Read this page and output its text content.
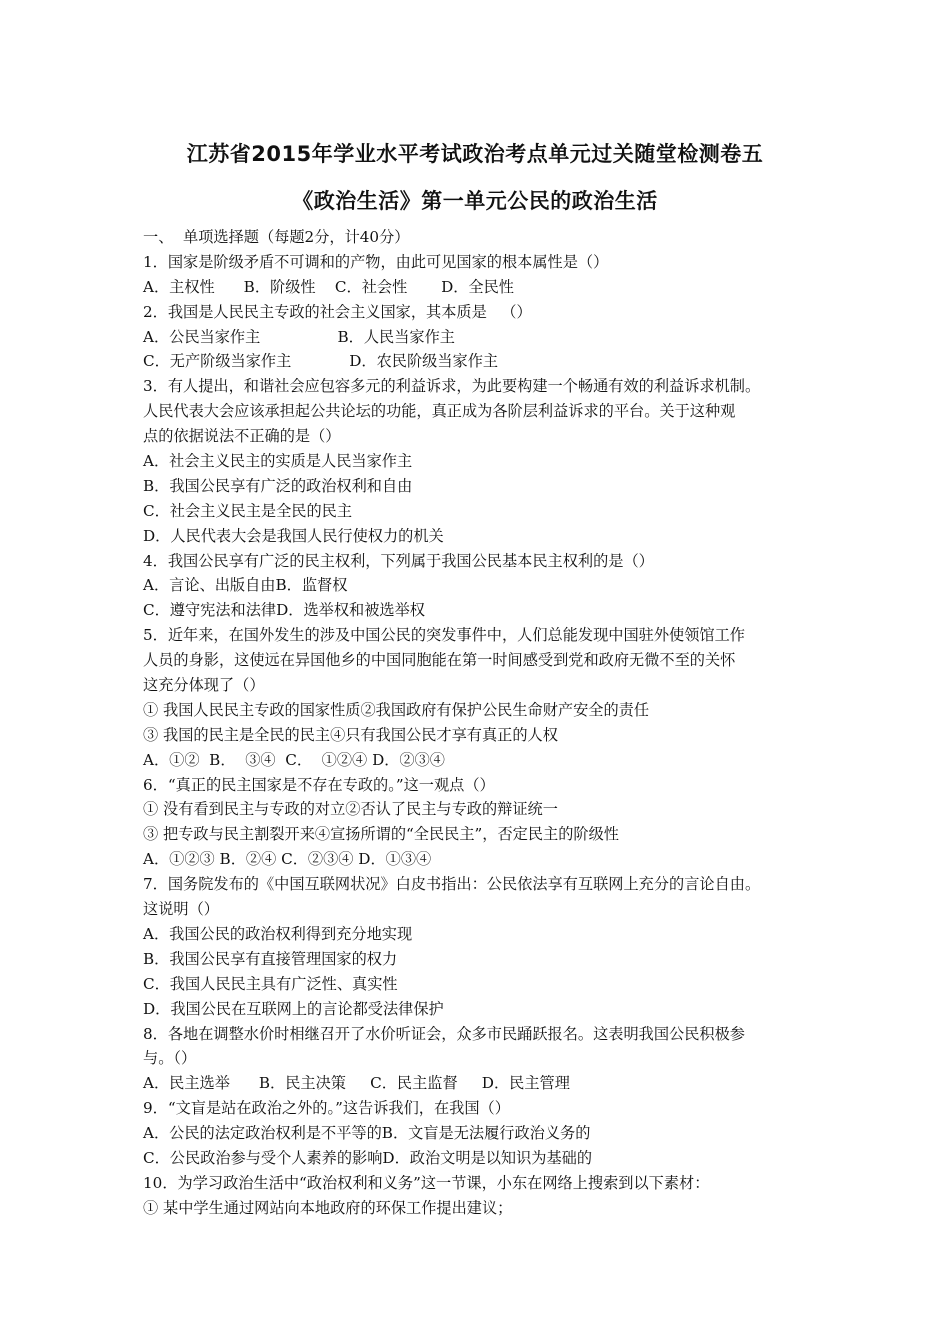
江苏省2015年学业水平考试政治考点单元过关随堂检测卷五
《政治生活》第一单元公民的政治生活
一、  单项选择题（每题2分，计40分）
1．国家是阶级矛盾不可调和的产物，由此可见国家的根本属性是（）
A．主权性      B．阶级性    C．社会性       D．全民性
2．我国是人民民主专政的社会主义国家，其本质是   （）
A．公民当家作主                B．人民当家作主
C．无产阶级当家作主            D．农民阶级当家作主
3．有人提出，和谐社会应包容多元的利益诉求，为此要构建一个畅通有效的利益诉求机制。
人民代表大会应该承担起公共论坛的功能，真正成为各阶层利益诉求的平台。关于这种观
点的依据说法不正确的是（）
A．社会主义民主的实质是人民当家作主
B．我国公民享有广泛的政治权利和自由
C．社会主义民主是全民的民主
D．人民代表大会是我国人民行使权力的机关
4．我国公民享有广泛的民主权利，下列属于我国公民基本民主权利的是（）
A．言论、出版自由B．监督权
C．遵守宪法和法律D．选举权和被选举权
5．近年来，在国外发生的涉及中国公民的突发事件中，人们总能发现中国驻外使领馆工作
人员的身影，这使远在异国他乡的中国同胞能在第一时间感受到党和政府无微不至的关怀
这充分体现了（）
① 我国人民民主专政的国家性质②我国政府有保护公民生命财产安全的责任
③ 我国的民主是全民的民主④只有我国公民才享有真正的人权
A．①②  B．  ③④  C．  ①②④ D．②③④
6．“真正的民主国家是不存在专政的。”这一观点（）
① 没有看到民主与专政的对立②否认了民主与专政的辩证统一
③ 把专政与民主割裂开来④宣扬所谓的“全民民主”，否定民主的阶级性
A．①②③ B．②④ C．②③④ D．①③④
7．国务院发布的《中国互联网状况》白皮书指出：公民依法享有互联网上充分的言论自由。
这说明（）
A．我国公民的政治权利得到充分地实现
B．我国公民享有直接管理国家的权力
C．我国人民民主具有广泛性、真实性
D．我国公民在互联网上的言论都受法律保护
8．各地在调整水价时相继召开了水价听证会，众多市民踊跃报名。这表明我国公民积极参
与。（）
A．民主选举      B．民主决策     C．民主监督     D．民主管理
9．“文盲是站在政治之外的。”这告诉我们，在我国（）
A．公民的法定政治权利是不平等的B．文盲是无法履行政治义务的
C．公民政治参与受个人素养的影响D．政治文明是以知识为基础的
10．为学习政治生活中“政治权利和义务”这一节课，小东在网络上搜索到以下素材：
① 某中学生通过网站向本地政府的环保工作提出建议；
